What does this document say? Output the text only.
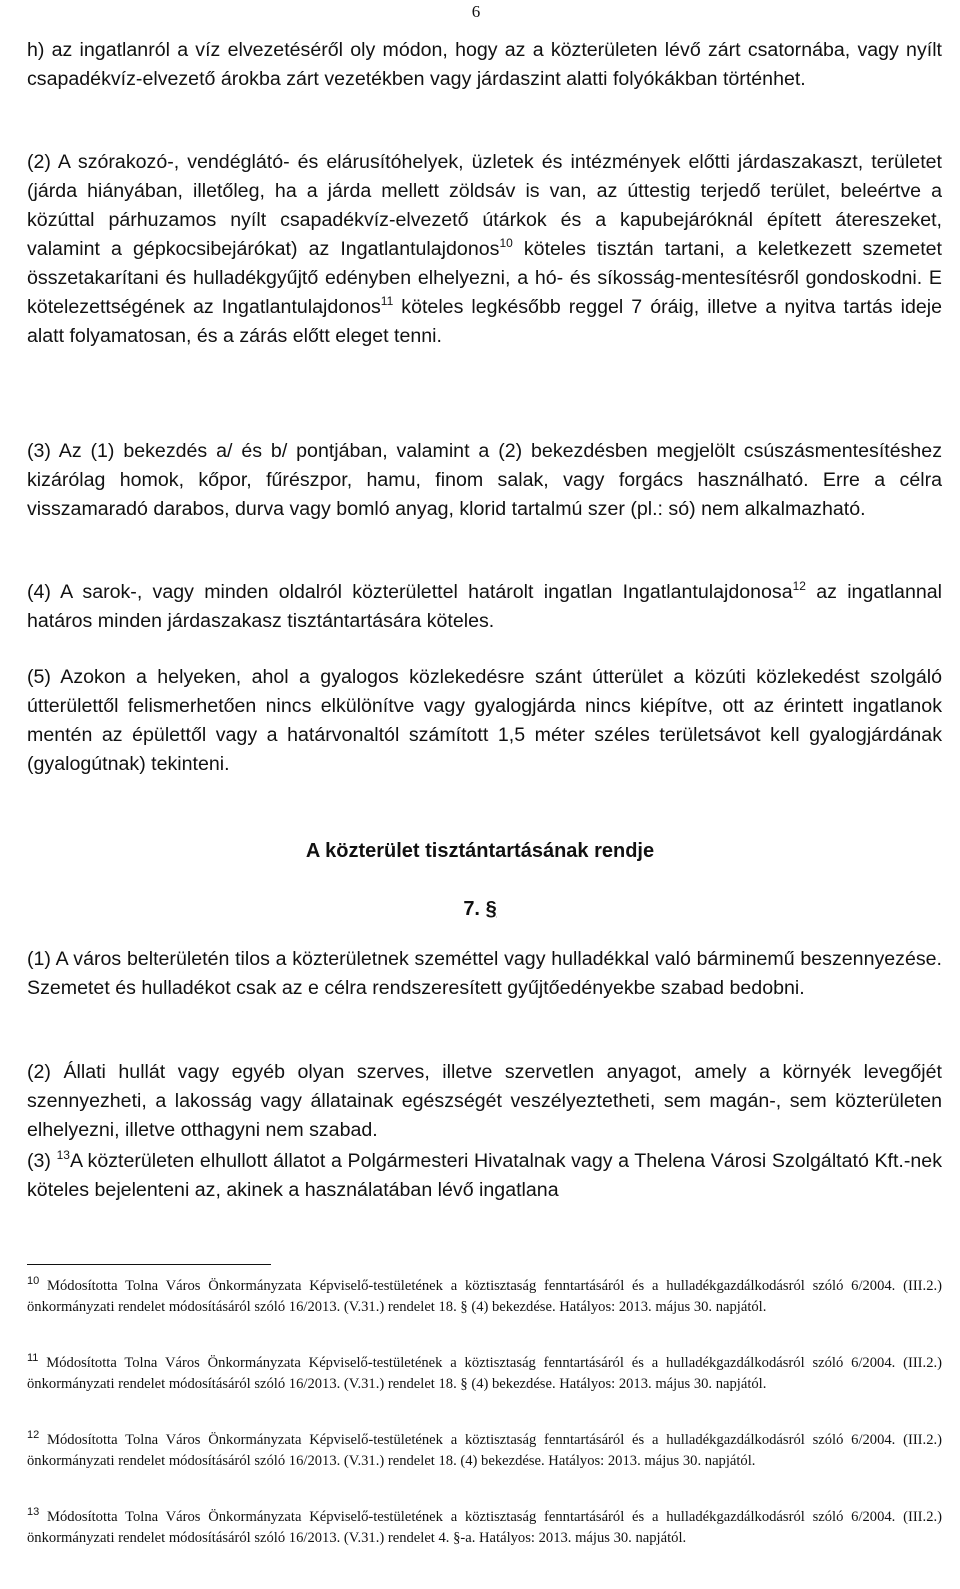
6

h) az ingatlanról a víz elvezetéséről oly módon, hogy az a közterületen lévő zárt csatornába, vagy nyílt csapadékvíz-elvezető árokba zárt vezetékben vagy járdaszint alatti folyókákban történhet.

(2) A szórakozó-, vendéglátó- és elárusítóhelyek, üzletek és intézmények előtti járdaszakaszt, területet (járda hiányában, illetőleg, ha a járda mellett zöldsáv is van, az úttestig terjedő terület, beleértve a közúttal párhuzamos nyílt csapadékvíz-elvezető útárkok és a kapubejáróknál épített átereszeket, valamint a gépkocsibejárókat) az Ingatlantulajdonos$^{10}$ köteles tisztán tartani, a keletkezett szemetet összetakarítani és hulladékgyűjtő edényben elhelyezni, a hó- és síkosság-mentesítésről gondoskodni. E kötelezettségének az Ingatlantulajdonos$^{11}$ köteles legkésőbb reggel 7 óráig, illetve a nyitva tartás ideje alatt folyamatosan, és a zárás előtt eleget tenni.

(3) Az (1) bekezdés a/ és b/ pontjában, valamint a (2) bekezdésben megjelölt csúszásmentesítéshez kizárólag homok, kőpor, fűrészpor, hamu, finom salak, vagy forgács használható. Erre a célra visszamaradó darabos, durva vagy bomló anyag, klorid tartalmú szer (pl.: só) nem alkalmazható.

(4) A sarok-, vagy minden oldalról közterülettel határolt ingatlan Ingatlantulajdonosa$^{12}$ az ingatlannal határos minden járdaszakasz tisztántartására köteles.

(5) Azokon a helyeken, ahol a gyalogos közlekedésre szánt útterület a közúti közlekedést szolgáló útterülettől felismerhetően nincs elkülönítve vagy gyalogjárda nincs kiépítve, ott az érintett ingatlanok mentén az épülettől vagy a határvonaltól számított 1,5 méter széles területsávot kell gyalogjárdának (gyalogútnak) tekinteni.

A közterület tisztántartásának rendje

7. §

(1) A város belterületén tilos a közterületnek szeméttel vagy hulladékkal való bárminemű beszennyezése. Szemetet és hulladékot csak az e célra rendszeresített gyűjtőedényekbe szabad bedobni.

(2) Állati hullát vagy egyéb olyan szerves, illetve szervetlen anyagot, amely a környék levegőjét szennyezheti, a lakosság vagy állatainak egészségét veszélyeztetheti, sem magán-, sem közterületen elhelyezni, illetve otthagyni nem szabad.

(3) $^{13}$A közterületen elhullott állatot a Polgármesteri Hivatalnak vagy a Thelena Városi Szolgáltató Kft.-nek köteles bejelenteni az, akinek a használatában lévő ingatlana

$^{10}$ Módosította Tolna Város Önkormányzata Képviselő-testületének a köztisztaság fenntartásáról és a hulladékgazdálkodásról szóló 6/2004. (III.2.) önkormányzati rendelet módosításáról szóló 16/2013. (V.31.) rendelet 18. § (4) bekezdése. Hatályos: 2013. május 30. napjától.

$^{11}$ Módosította Tolna Város Önkormányzata Képviselő-testületének a köztisztaság fenntartásáról és a hulladékgazdálkodásról szóló 6/2004. (III.2.) önkormányzati rendelet módosításáról szóló 16/2013. (V.31.) rendelet 18. § (4) bekezdése. Hatályos: 2013. május 30. napjától.

$^{12}$ Módosította Tolna Város Önkormányzata Képviselő-testületének a köztisztaság fenntartásáról és a hulladékgazdálkodásról szóló 6/2004. (III.2.) önkormányzati rendelet módosításáról szóló 16/2013. (V.31.) rendelet 18. (4) bekezdése. Hatályos: 2013. május 30. napjától.

$^{13}$ Módosította Tolna Város Önkormányzata Képviselő-testületének a köztisztaság fenntartásáról és a hulladékgazdálkodásról szóló 6/2004. (III.2.) önkormányzati rendelet módosításáról szóló 16/2013. (V.31.) rendelet 4. §-a. Hatályos: 2013. május 30. napjától.
